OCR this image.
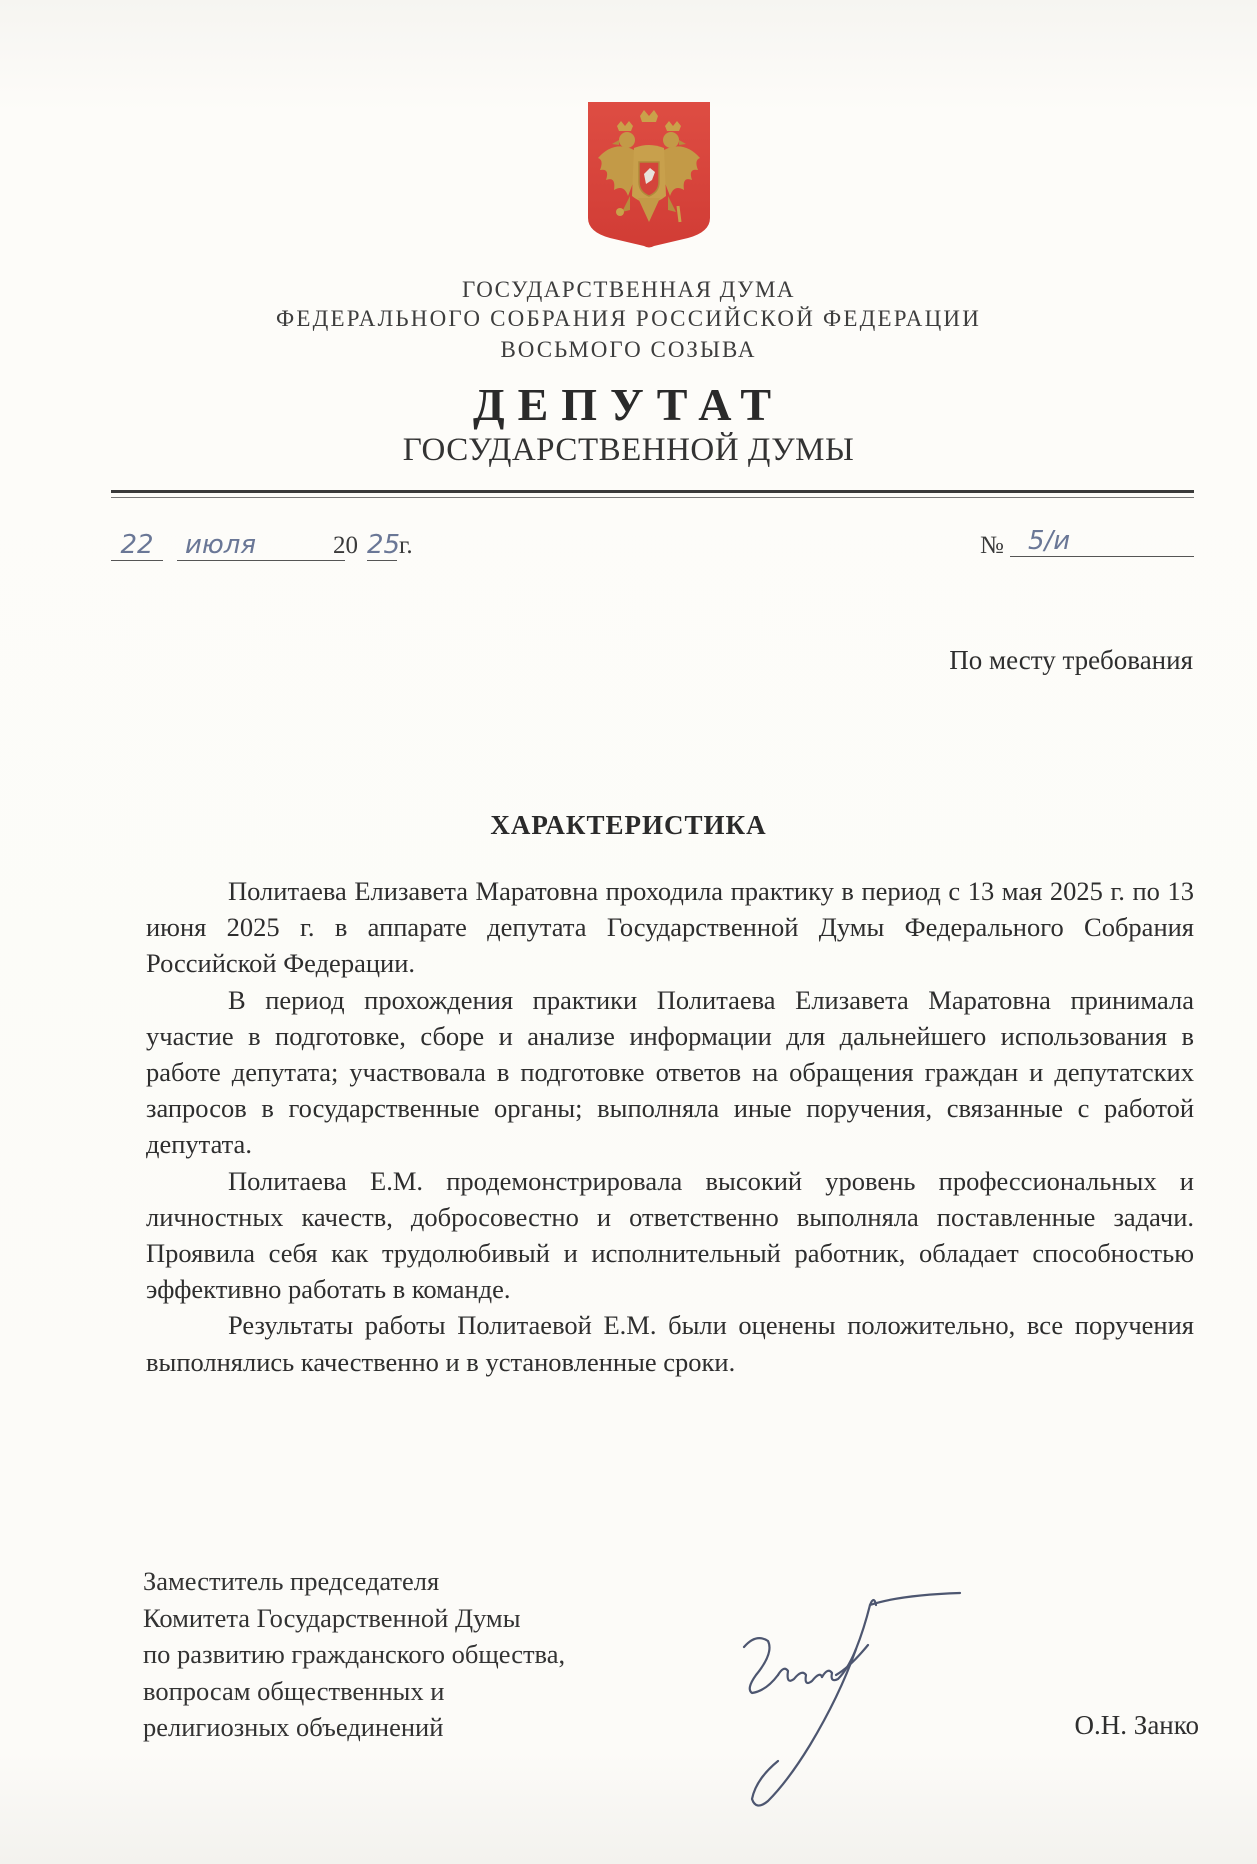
ГОСУДАРСТВЕННАЯ ДУМА
ФЕДЕРАЛЬНОГО СОБРАНИЯ РОССИЙСКОЙ ФЕДЕРАЦИИ
ВОСЬМОГО СОЗЫВА
ДЕПУТАТ
ГОСУДАРСТВЕННОЙ ДУМЫ
22	июля	20 25
г.	№ 5/и
По месту требования
ХАРАКТЕРИСТИКА

Политаева Елизавета Маратовна проходила практику в период с 13 мая 2025 г. по 13 июня 2025 г. в аппарате депутата Государственной Думы Федерального Собрания Российской Федерации.

В период прохождения практики Политаева Елизавета Маратовна принимала участие в подготовке, сборе и анализе информации для дальнейшего использования в работе депутата; участвовала в подготовке ответов на обращения граждан и депутатских запросов в государственные органы; выполняла иные поручения, связанные с работой депутата.

Политаева Е.М. продемонстрировала высокий уровень профессиональных и личностных качеств, добросовестно и ответственно выполняла поставленные задачи. Проявила себя как трудолюбивый и исполнительный работник, обладает способностью эффективно работать в команде.

Результаты работы Политаевой Е.М. были оценены положительно, все поручения выполнялись качественно и в установленные сроки.

Заместитель председателя
Комитета Государственной Думы
по развитию гражданского общества,
вопросам общественных и
религиозных объединений	О.Н. Занко
